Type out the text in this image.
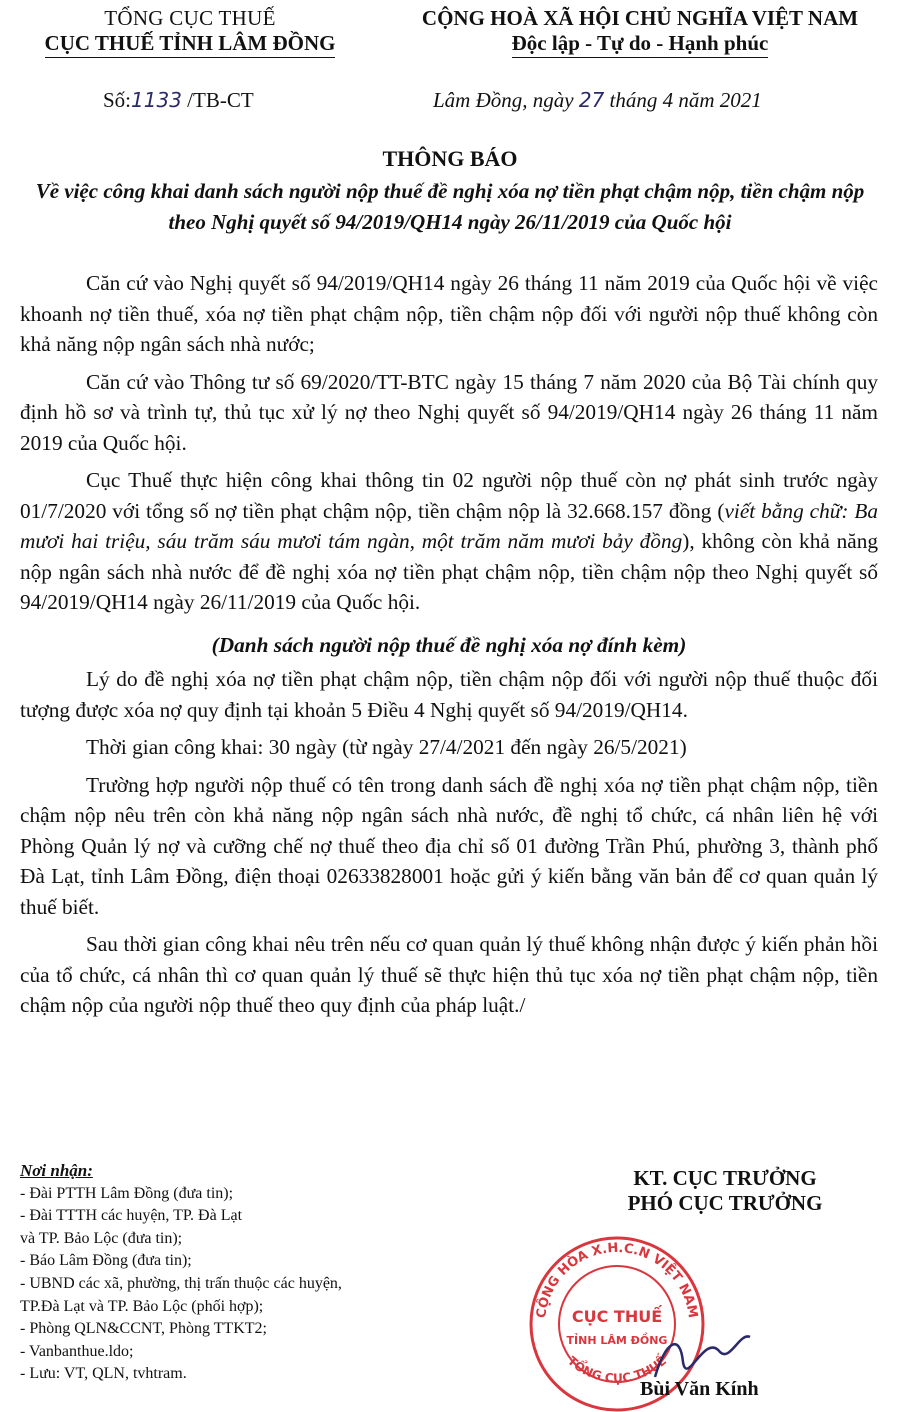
TỔNG CỤC THUẾ
CỤC THUẾ TỈNH LÂM ĐỒNG
CỘNG HOÀ XÃ HỘI CHỦ NGHĨA VIỆT NAM
Độc lập - Tự do - Hạnh phúc
Số:1133 /TB-CT	Lâm Đồng, ngày 27 tháng 4 năm 2021
THÔNG BÁO
Về việc công khai danh sách người nộp thuế đề nghị xóa nợ tiền phạt chậm nộp, tiền chậm nộp theo Nghị quyết số 94/2019/QH14 ngày 26/11/2019 của Quốc hội

Căn cứ vào Nghị quyết số 94/2019/QH14 ngày 26 tháng 11 năm 2019 của Quốc hội về việc khoanh nợ tiền thuế, xóa nợ tiền phạt chậm nộp, tiền chậm nộp đối với người nộp thuế không còn khả năng nộp ngân sách nhà nước;

Căn cứ vào Thông tư số 69/2020/TT-BTC ngày 15 tháng 7 năm 2020 của Bộ Tài chính quy định hồ sơ và trình tự, thủ tục xử lý nợ theo Nghị quyết số 94/2019/QH14 ngày 26 tháng 11 năm 2019 của Quốc hội.

Cục Thuế thực hiện công khai thông tin 02 người nộp thuế còn nợ phát sinh trước ngày 01/7/2020 với tổng số nợ tiền phạt chậm nộp, tiền chậm nộp là 32.668.157 đồng (viết bằng chữ: Ba mươi hai triệu, sáu trăm sáu mươi tám ngàn, một trăm năm mươi bảy đồng), không còn khả năng nộp ngân sách nhà nước để đề nghị xóa nợ tiền phạt chậm nộp, tiền chậm nộp theo Nghị quyết số 94/2019/QH14 ngày 26/11/2019 của Quốc hội.

(Danh sách người nộp thuế đề nghị xóa nợ đính kèm)

Lý do đề nghị xóa nợ tiền phạt chậm nộp, tiền chậm nộp đối với người nộp thuế thuộc đối tượng được xóa nợ quy định tại khoản 5 Điều 4 Nghị quyết số 94/2019/QH14.

Thời gian công khai: 30 ngày (từ ngày 27/4/2021 đến ngày 26/5/2021)

Trường hợp người nộp thuế có tên trong danh sách đề nghị xóa nợ tiền phạt chậm nộp, tiền chậm nộp nêu trên còn khả năng nộp ngân sách nhà nước, đề nghị tổ chức, cá nhân liên hệ với Phòng Quản lý nợ và cưỡng chế nợ thuế theo địa chỉ số 01 đường Trần Phú, phường 3, thành phố Đà Lạt, tỉnh Lâm Đồng, điện thoại 02633828001 hoặc gửi ý kiến bằng văn bản để cơ quan quản lý thuế biết.

Sau thời gian công khai nêu trên nếu cơ quan quản lý thuế không nhận được ý kiến phản hồi của tổ chức, cá nhân thì cơ quan quản lý thuế sẽ thực hiện thủ tục xóa nợ tiền phạt chậm nộp, tiền chậm nộp của người nộp thuế theo quy định của pháp luật./

Nơi nhận:
- Đài PTTH Lâm Đồng (đưa tin);
- Đài TTTH các huyện, TP. Đà Lạt
và TP. Bảo Lộc (đưa tin);
- Báo Lâm Đồng (đưa tin);
- UBND các xã, phường, thị trấn thuộc các huyện,
TP.Đà Lạt và TP. Bảo Lộc (phối hợp);
- Phòng QLN&CCNT, Phòng TTKT2;
- Vanbanthue.ldo;
- Lưu: VT, QLN, tvhtram.
KT. CỤC TRƯỞNG
PHÓ CỤC TRƯỞNG
CỘNG HÒA X.H.C.N VIỆT NAM
TỔNG CỤC THUẾ
CỤC THUẾ
TỈNH LÂM ĐỒNG
Bùi Văn Kính
